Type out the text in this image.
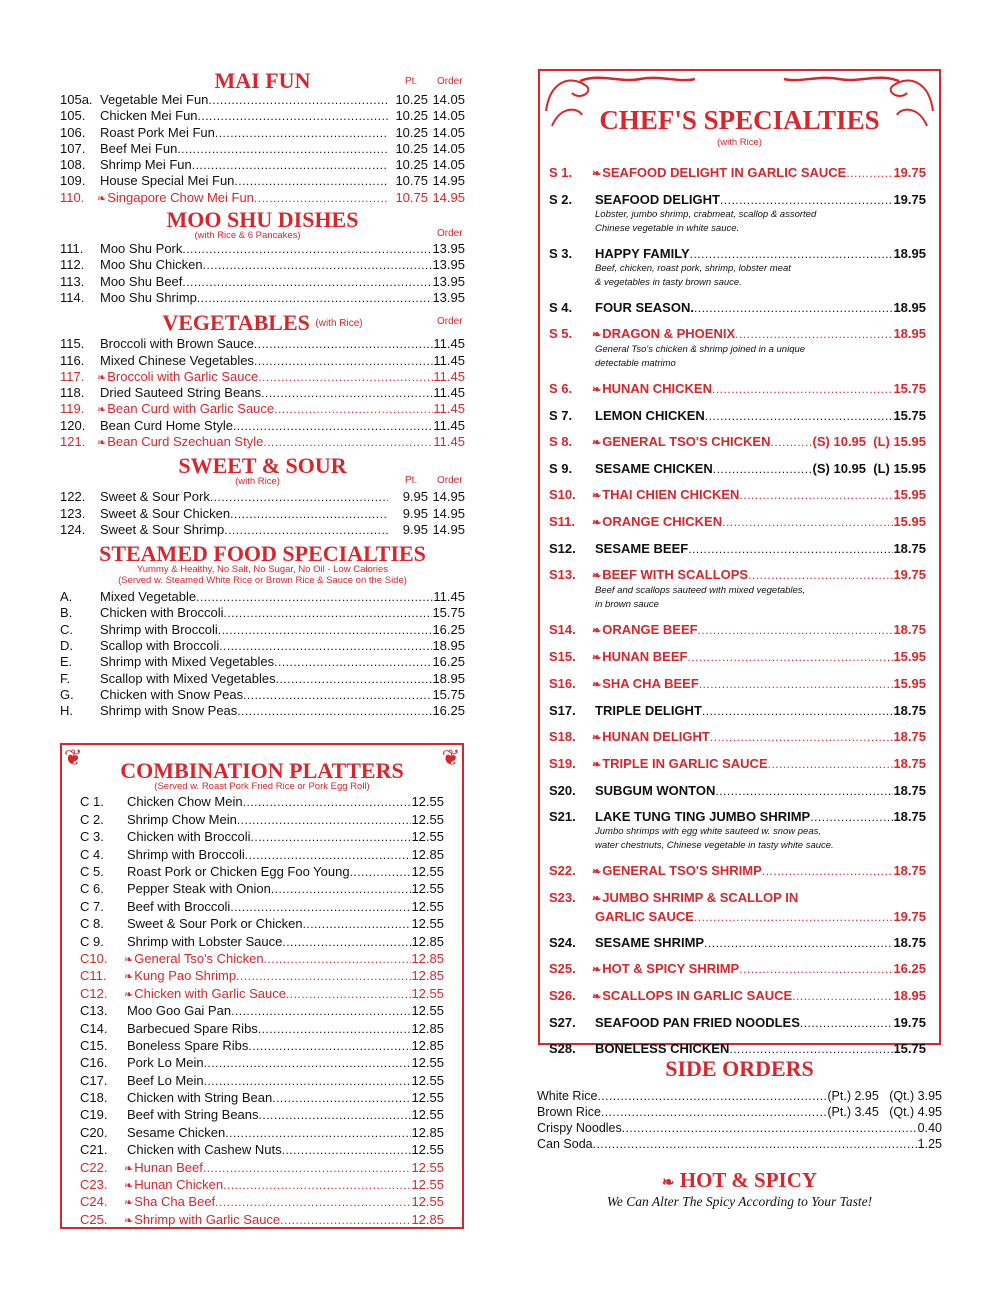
MAI FUN	Pt. Order
105a. Vegetable Mei Fun .....	10.25 14.05
105.	Chicken Mei Fun .....	10.25 14.05
106.	Roast Pork Mei Fun .....	10.25 14.05
107.	Beef Mei Fun .....	10.25 14.05
108.	Shrimp Mei Fun .....	10.25 14.05
109.	House Special Mei Fun .....	10.75 14.95
110.	❧Singapore Chow Mei Fun .....	10.75 14.95
MOO SHU DISHES
(with Rice & 6 Pancakes)	Order
111.	Moo Shu Pork .....	13.95
112.	Moo Shu Chicken .....	13.95
113.	Moo Shu Beef .....	13.95
114.	Moo Shu Shrimp .....	13.95
VEGETABLES (with Rice)	Order
115.	Broccoli with Brown Sauce .....	11.45
116.	Mixed Chinese Vegetables .....	11.45
117.	❧Broccoli with Garlic Sauce .....	11.45
118.	Dried Sauteed String Beans .....	11.45
119.	❧Bean Curd with Garlic Sauce .....	11.45
120.	Bean Curd Home Style .....	11.45
121.	❧Bean Curd Szechuan Style .....	11.45
SWEET & SOUR
(with Rice)	Pt. Order
122.	Sweet & Sour Pork .....	9.95 14.95
123.	Sweet & Sour Chicken .....	9.95 14.95
124.	Sweet & Sour Shrimp .....	9.95 14.95
STEAMED FOOD SPECIALTIES
Yummy & Healthy, No Salt, No Sugar, No Oil - Low Calories
(Served w. Steamed White Rice or Brown Rice & Sauce on the Side)
A.	Mixed Vegetable .....	11.45
B.	Chicken with Broccoli .....	15.75
C.	Shrimp with Broccoli .....	16.25
D.	Scallop with Broccoli .....	18.95
E.	Shrimp with Mixed Vegetables .....	16.25
F.	Scallop with Mixed Vegetables .....	18.95
G.	Chicken with Snow Peas .....	15.75
H.	Shrimp with Snow Peas .....	16.25
❦	❦
COMBINATION PLATTERS
(Served w. Roast Pork Fried Rice or Pork Egg Roll)
C 1.	Chicken Chow Mein .....	12.55
C 2.	Shrimp Chow Mein .....	12.55
C 3.	Chicken with Broccoli .....	12.55
C 4.	Shrimp with Broccoli .....	12.85
C 5.	Roast Pork or Chicken Egg Foo Young .....	12.55
C 6.	Pepper Steak with Onion .....	12.55
C 7.	Beef with Broccoli .....	12.55
C 8.	Sweet & Sour Pork or Chicken .....	12.55
C 9.	Shrimp with Lobster Sauce .....	12.85
C10.	❧General Tso's Chicken .....	12.85
C11.	❧Kung Pao Shrimp .....	12.85
C12.	❧Chicken with Garlic Sauce .....	12.55
C13.	Moo Goo Gai Pan .....	12.55
C14.	Barbecued Spare Ribs .....	12.85
C15.	Boneless Spare Ribs .....	12.85
C16.	Pork Lo Mein .....	12.55
C17.	Beef Lo Mein .....	12.55
C18.	Chicken with String Bean .....	12.55
C19.	Beef with String Beans .....	12.55
C20.	Sesame Chicken .....	12.85
C21.	Chicken with Cashew Nuts .....	12.55
C22.	❧Hunan Beef .....	12.55
C23.	❧Hunan Chicken .....	12.55
C24.	❧Sha Cha Beef .....	12.55
C25.	❧Shrimp with Garlic Sauce .....	12.85
CHEF'S SPECIALTIES
(with Rice)
S 1.	❧SEAFOOD DELIGHT IN GARLIC SAUCE .....	19.75
S 2.	SEAFOOD DELIGHT .....	19.75
Lobster, jumbo shrimp, crabmeat, scallop & assorted
Chinese vegetable in white sauce.
S 3.	HAPPY FAMILY .....	18.95
Beef, chicken, roast pork, shrimp, lobster meat
& vegetables in tasty brown sauce.
S 4.	FOUR SEASON. .....	18.95
S 5.	❧DRAGON & PHOENIX .....	18.95
General Tso's chicken & shrimp joined in a unique
detectable matrimo
S 6.	❧HUNAN CHICKEN .....	15.75
S 7.	LEMON CHICKEN .....	15.75
S 8.	❧GENERAL TSO'S CHICKEN .....	(S) 10.95  (L) 15.95
S 9.	SESAME CHICKEN .....	(S) 10.95  (L) 15.95
S10.	❧THAI CHIEN CHICKEN .....	15.95
S11.	❧ORANGE CHICKEN .....	15.95
S12.	SESAME BEEF .....	18.75
S13.	❧BEEF WITH SCALLOPS .....	19.75
Beef and scallops sauteed with mixed vegetables,
in brown sauce
S14.	❧ORANGE BEEF .....	18.75
S15.	❧HUNAN BEEF .....	15.95
S16.	❧SHA CHA BEEF .....	15.95
S17.	TRIPLE DELIGHT .....	18.75
S18.	❧HUNAN DELIGHT .....	18.75
S19.	❧TRIPLE IN GARLIC SAUCE .....	18.75
S20.	SUBGUM WONTON .....	18.75
S21.	LAKE TUNG TING JUMBO SHRIMP .....	18.75
Jumbo shrimps with egg white sauteed w. snow peas,
water chestnuts, Chinese vegetable in tasty white sauce.
S22.	❧GENERAL TSO'S SHRIMP .....	18.75
S23.	❧JUMBO SHRIMP & SCALLOP IN
GARLIC SAUCE .....	19.75
S24.	SESAME SHRIMP .....	18.75
S25.	❧HOT & SPICY SHRIMP .....	16.25
S26.	❧SCALLOPS IN GARLIC SAUCE .....	18.95
S27.	SEAFOOD PAN FRIED NOODLES .....	19.75
S28.	BONELESS CHICKEN .....	15.75
SIDE ORDERS
White Rice .....	(Pt.) 2.95   (Qt.) 3.95
Brown Rice .....	(Pt.) 3.45   (Qt.) 4.95
Crispy Noodles .....	0.40
Can Soda .....	1.25
❧ HOT & SPICY
We Can Alter The Spicy According to Your Taste!
